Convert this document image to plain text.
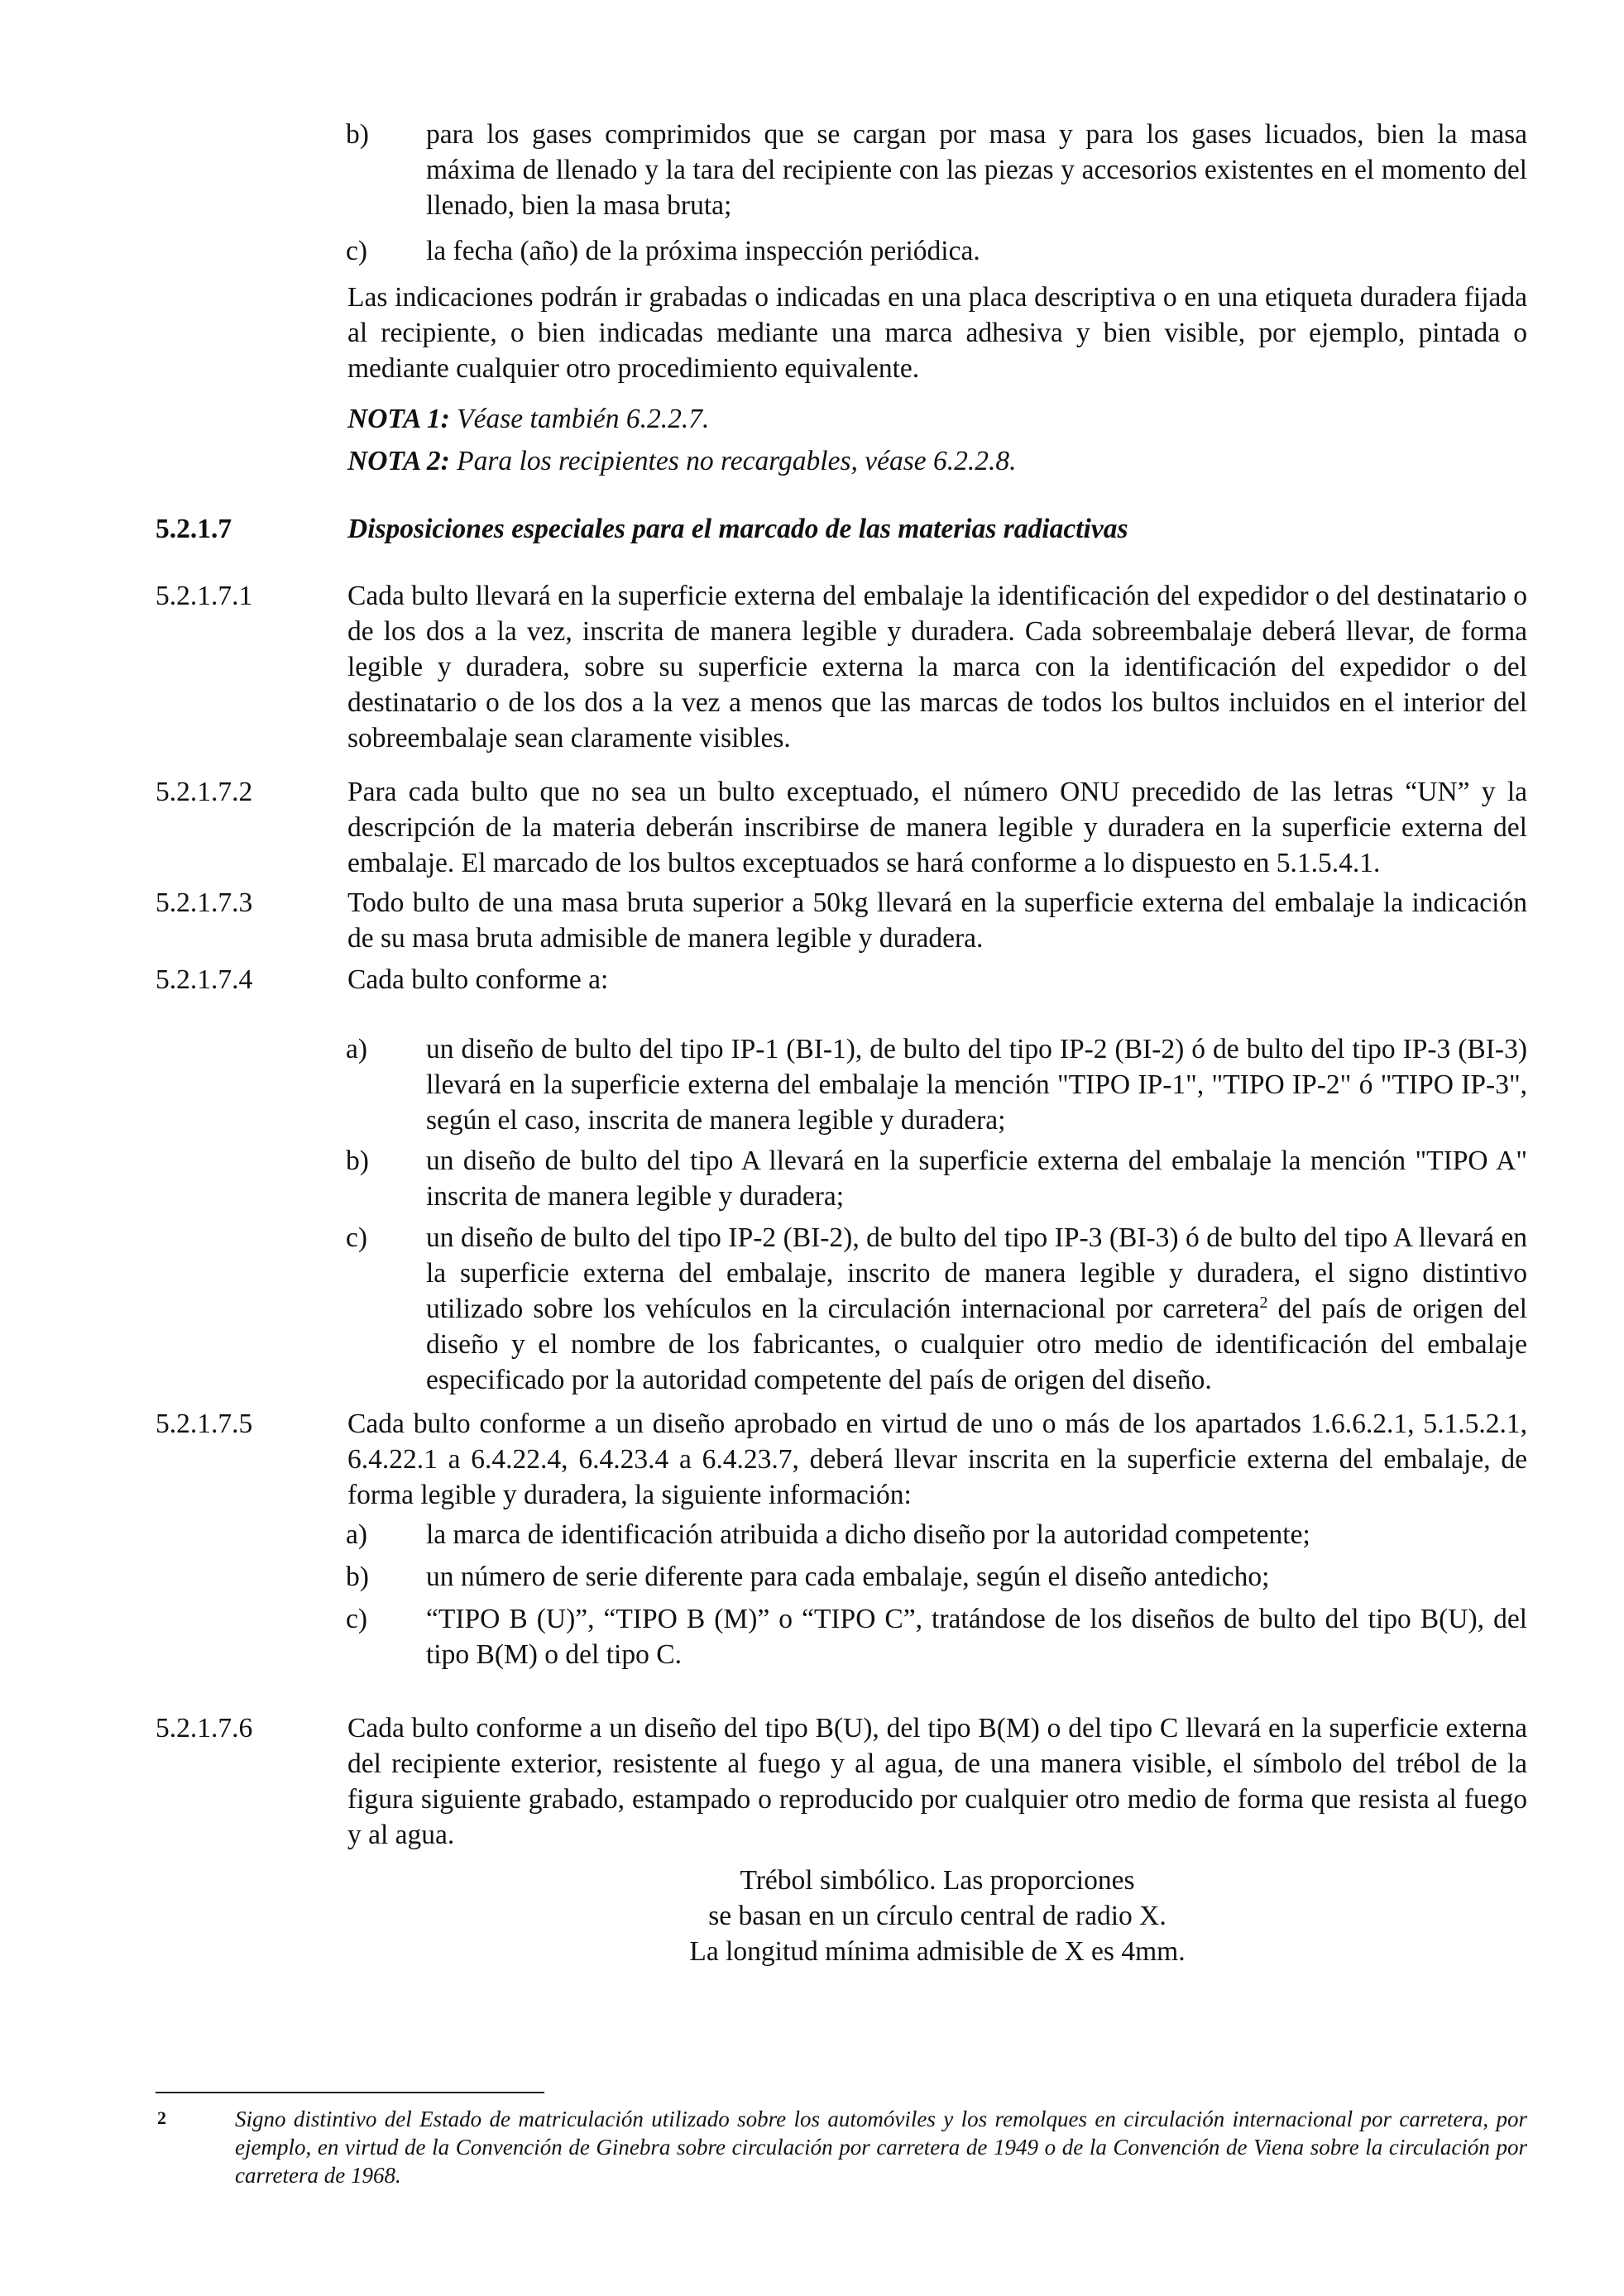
b) para los gases comprimidos que se cargan por masa y para los gases licuados, bien la masa máxima de llenado y la tara del recipiente con las piezas y accesorios existentes en el momento del llenado, bien la masa bruta;

c) la fecha (año) de la próxima inspección periódica.

Las indicaciones podrán ir grabadas o indicadas en una placa descriptiva o en una etiqueta duradera fijada al recipiente, o bien indicadas mediante una marca adhesiva y bien visible, por ejemplo, pintada o mediante cualquier otro procedimiento equivalente.

NOTA 1: Véase también 6.2.2.7.
NOTA 2: Para los recipientes no recargables, véase 6.2.2.8.
5.2.1.7	Disposiciones especiales para el marcado de las materias radiactivas

5.2.1.7.1	Cada bulto llevará en la superficie externa del embalaje la identificación del expedidor o del destinatario o de los dos a la vez, inscrita de manera legible y duradera. Cada sobreembalaje deberá llevar, de forma legible y duradera, sobre su superficie externa la marca con la identificación del expedidor o del destinatario o de los dos a la vez a menos que las marcas de todos los bultos incluidos en el interior del sobreembalaje sean claramente visibles.

5.2.1.7.2	Para cada bulto que no sea un bulto exceptuado, el número ONU precedido de las letras “UN” y la descripción de la materia deberán inscribirse de manera legible y duradera en la superficie externa del embalaje. El marcado de los bultos exceptuados se hará conforme a lo dispuesto en 5.1.5.4.1.

5.2.1.7.3	Todo bulto de una masa bruta superior a 50kg llevará en la superficie externa del embalaje la indicación de su masa bruta admisible de manera legible y duradera.

5.2.1.7.4	Cada bulto conforme a:

a) un diseño de bulto del tipo IP-1 (BI-1), de bulto del tipo IP-2 (BI-2) ó de bulto del tipo IP-3 (BI-3) llevará en la superficie externa del embalaje la mención "TIPO IP-1", "TIPO IP-2" ó "TIPO IP-3", según el caso, inscrita de manera legible y duradera;

b) un diseño de bulto del tipo A llevará en la superficie externa del embalaje la mención "TIPO A" inscrita de manera legible y duradera;

c) un diseño de bulto del tipo IP-2 (BI-2), de bulto del tipo IP-3 (BI-3) ó de bulto del tipo A llevará en la superficie externa del embalaje, inscrito de manera legible y duradera, el signo distintivo utilizado sobre los vehículos en la circulación internacional por carretera$^2$ del país de origen del diseño y el nombre de los fabricantes, o cualquier otro medio de identificación del embalaje especificado por la autoridad competente del país de origen del diseño.

5.2.1.7.5	Cada bulto conforme a un diseño aprobado en virtud de uno o más de los apartados 1.6.6.2.1, 5.1.5.2.1, 6.4.22.1 a 6.4.22.4, 6.4.23.4 a 6.4.23.7, deberá llevar inscrita en la superficie externa del embalaje, de forma legible y duradera, la siguiente información:

a) la marca de identificación atribuida a dicho diseño por la autoridad competente;

b) un número de serie diferente para cada embalaje, según el diseño antedicho;

c) “TIPO B (U)”, “TIPO B (M)” o “TIPO C”, tratándose de los diseños de bulto del tipo B(U), del tipo B(M) o del tipo C.

5.2.1.7.6	Cada bulto conforme a un diseño del tipo B(U), del tipo B(M) o del tipo C llevará en la superficie externa del recipiente exterior, resistente al fuego y al agua, de una manera visible, el símbolo del trébol de la figura siguiente grabado, estampado o reproducido por cualquier otro medio de forma que resista al fuego y al agua.

Trébol simbólico. Las proporciones

se basan en un círculo central de radio X.

La longitud mínima admisible de X es 4mm.

2	Signo distintivo del Estado de matriculación utilizado sobre los automóviles y los remolques en circulación internacional por carretera, por ejemplo, en virtud de la Convención de Ginebra sobre circulación por carretera de 1949 o de la Convención de Viena sobre la circulación por carretera de 1968.
